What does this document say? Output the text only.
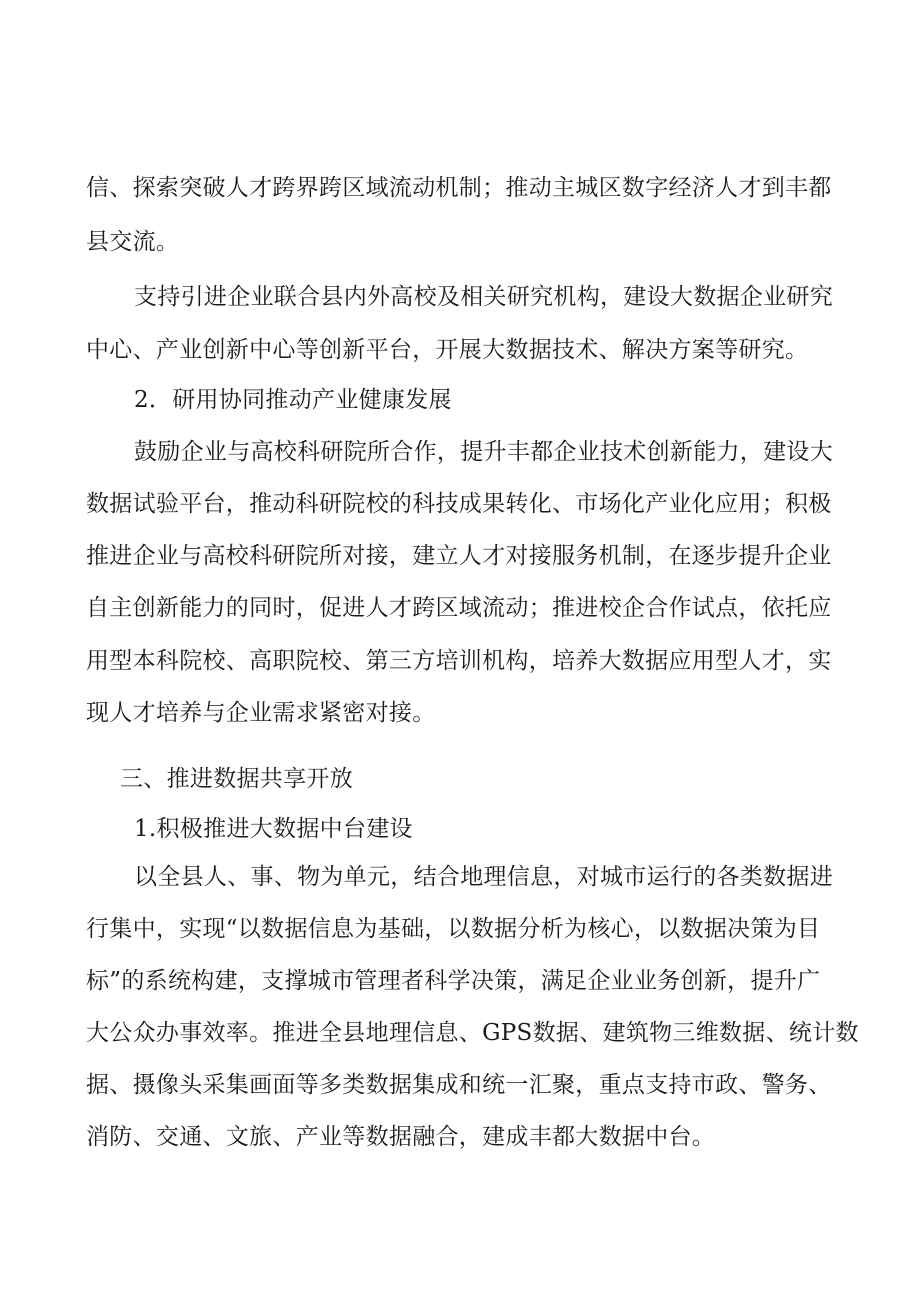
信、探索突破人才跨界跨区域流动机制；推动主城区数字经济人才到丰都
县交流。
支持引进企业联合县内外高校及相关研究机构，建设大数据企业研究
中心、产业创新中心等创新平台，开展大数据技术、解决方案等研究。
2．研用协同推动产业健康发展
鼓励企业与高校科研院所合作，提升丰都企业技术创新能力，建设大
数据试验平台，推动科研院校的科技成果转化、市场化产业化应用；积极
推进企业与高校科研院所对接，建立人才对接服务机制，在逐步提升企业
自主创新能力的同时，促进人才跨区域流动；推进校企合作试点，依托应
用型本科院校、高职院校、第三方培训机构，培养大数据应用型人才，实
现人才培养与企业需求紧密对接。
三、推进数据共享开放
1.积极推进大数据中台建设
以全县人、事、物为单元，结合地理信息，对城市运行的各类数据进
行集中，实现“以数据信息为基础，以数据分析为核心，以数据决策为目
标”的系统构建，支撑城市管理者科学决策，满足企业业务创新，提升广
大公众办事效率。推进全县地理信息、GPS数据、建筑物三维数据、统计数
据、摄像头采集画面等多类数据集成和统一汇聚，重点支持市政、警务、
消防、交通、文旅、产业等数据融合，建成丰都大数据中台。
